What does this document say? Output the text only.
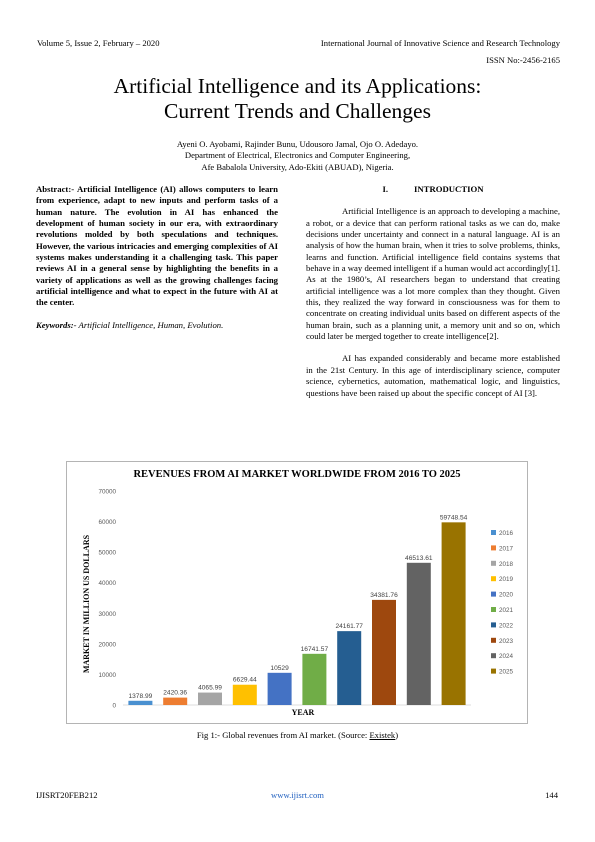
Volume 5, Issue 2, February – 2020	International Journal of Innovative Science and Research Technology
ISSN No:-2456-2165
Artificial Intelligence and its Applications:
Current Trends and Challenges
Ayeni O. Ayobami, Rajinder Bunu, Udousoro Jamal, Ojo O. Adedayo.
Department of Electrical, Electronics and Computer Engineering,
Afe Babalola University, Ado-Ekiti (ABUAD), Nigeria.

Abstract:- Artificial Intelligence (AI) allows computers to learn from experience, adapt to new inputs and perform tasks of a human nature. The evolution in AI has enhanced the development of human society in our era, with extraordinary revolutions molded by both speculations and techniques. However, the various intricacies and emerging complexities of AI systems makes understanding it a challenging task. This paper reviews AI in a general sense by highlighting the benefits in a variety of applications as well as the growing challenges facing artificial intelligence and what to expect in the future with AI at the center.

Keywords:- Artificial Intelligence, Human, Evolution.

I.	INTRODUCTION

Artificial Intelligence is an approach to developing a machine, a robot, or a device that can perform rational tasks as we can do, make decisions under uncertainty and connect in a natural language. AI is an analysis of how the human brain, when it tries to solve problems, thinks, learns and function. Artificial intelligence field contains systems that behave in a way deemed intelligent if a human would act accordingly[1]. As at the 1980’s, AI researchers began to understand that creating artificial intelligence was a lot more complex than they thought. Given this, they realized the way forward in consciousness was for them to concentrate on creating individual units based on different aspects of the human brain, such as a planning unit, a memory unit and so on, which could later be merged together to create intelligence[2].

AI has expanded considerably and became more established in the 21st Century. In this age of interdisciplinary science, computer science, cybernetics, automation, mathematical logic, and linguistics, questions have been raised up about the specific concept of AI [3].

REVENUES FROM AI MARKET WORLDWIDE FROM 2016 TO 2025
0
10000
20000
30000
40000
50000
60000
70000
MARKET IN MILLION US DOLLARS
1378.99 2420.36
4065.99
6629.44
10529
16741.57
24161.77
34381.76
46513.61
59748.54
YEAR
2016
2017
2018
2019
2020
2021
2022
2023
2024
2025
Fig 1:- Global revenues from AI market. (Source: Existek)
IJISRT20FEB212	www.ijisrt.com	144
